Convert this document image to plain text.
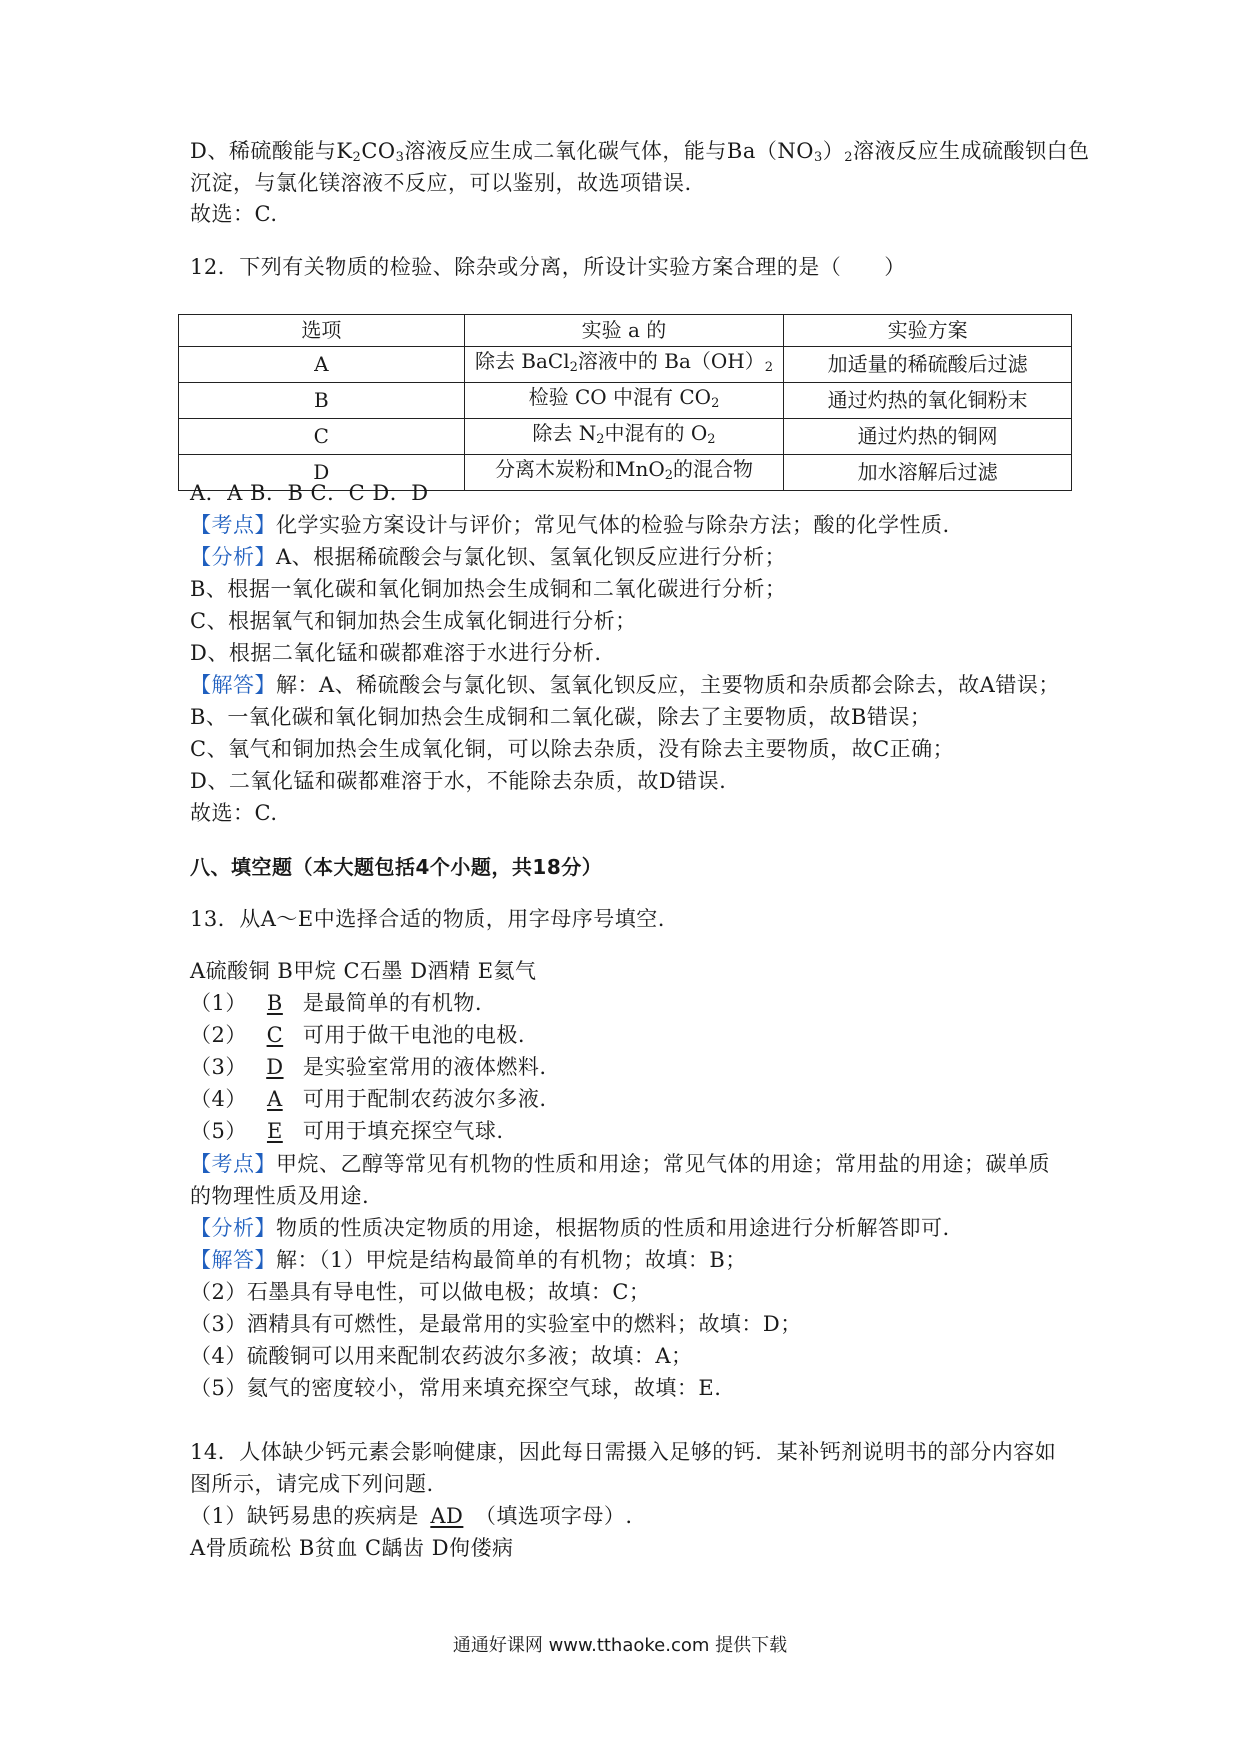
D、稀硫酸能与$K_2CO_3$溶液反应生成二氧化碳气体，能与$Ba(NO_3)_2$溶液反应生成硫酸钡白色
沉淀，与氯化镁溶液不反应，可以鉴别，故选项错误.
故选：C.
12．下列有关物质的检验、除杂或分离，所设计实验方案合理的是（　　）
选项	实验 a 的	实验方案
A	除去 BaCl$_2$溶液中的 $Ba(OH)_2$	加适量的稀硫酸后过滤
B	检验 CO 中混有 $CO_2$	通过灼热的氧化铜粉末
C	除去 $N_2$中混有的 $O_2$	通过灼热的铜网
D	分离木炭粉和MnO$_2$的混合物	加水溶解后过滤
A．A B．B C．C D．D
【考点】化学实验方案设计与评价；常见气体的检验与除杂方法；酸的化学性质.
【分析】A、根据稀硫酸会与氯化钡、氢氧化钡反应进行分析；
B、根据一氧化碳和氧化铜加热会生成铜和二氧化碳进行分析；
C、根据氧气和铜加热会生成氧化铜进行分析；
D、根据二氧化锰和碳都难溶于水进行分析.
【解答】解：A、稀硫酸会与氯化钡、氢氧化钡反应，主要物质和杂质都会除去，故A错误；
B、一氧化碳和氧化铜加热会生成铜和二氧化碳，除去了主要物质，故B错误；
C、氧气和铜加热会生成氧化铜，可以除去杂质，没有除去主要物质，故C正确；
D、二氧化锰和碳都难溶于水，不能除去杂质，故D错误.
故选：C.
八、填空题（本大题包括4个小题，共18分）
13．从A～E中选择合适的物质，用字母序号填空.
A硫酸铜 B甲烷 C石墨 D酒精 E氦气
（1） B 是最简单的有机物.
（2） C 可用于做干电池的电极.
（3） D 是实验室常用的液体燃料.
（4） A 可用于配制农药波尔多液.
（5） E 可用于填充探空气球.
【考点】甲烷、乙醇等常见有机物的性质和用途；常见气体的用途；常用盐的用途；碳单质
的物理性质及用途.
【分析】物质的性质决定物质的用途，根据物质的性质和用途进行分析解答即可.
【解答】解：（1）甲烷是结构最简单的有机物；故填：B；
（2）石墨具有导电性，可以做电极；故填：C；
（3）酒精具有可燃性，是最常用的实验室中的燃料；故填：D；
（4）硫酸铜可以用来配制农药波尔多液；故填：A；
（5）氦气的密度较小，常用来填充探空气球，故填：E.
14．人体缺少钙元素会影响健康，因此每日需摄入足够的钙．某补钙剂说明书的部分内容如
图所示，请完成下列问题.
（1）缺钙易患的疾病是 AD （填选项字母）.
A骨质疏松 B贫血 C龋齿 D佝偻病
通通好课网 www.tthaoke.com 提供下载
